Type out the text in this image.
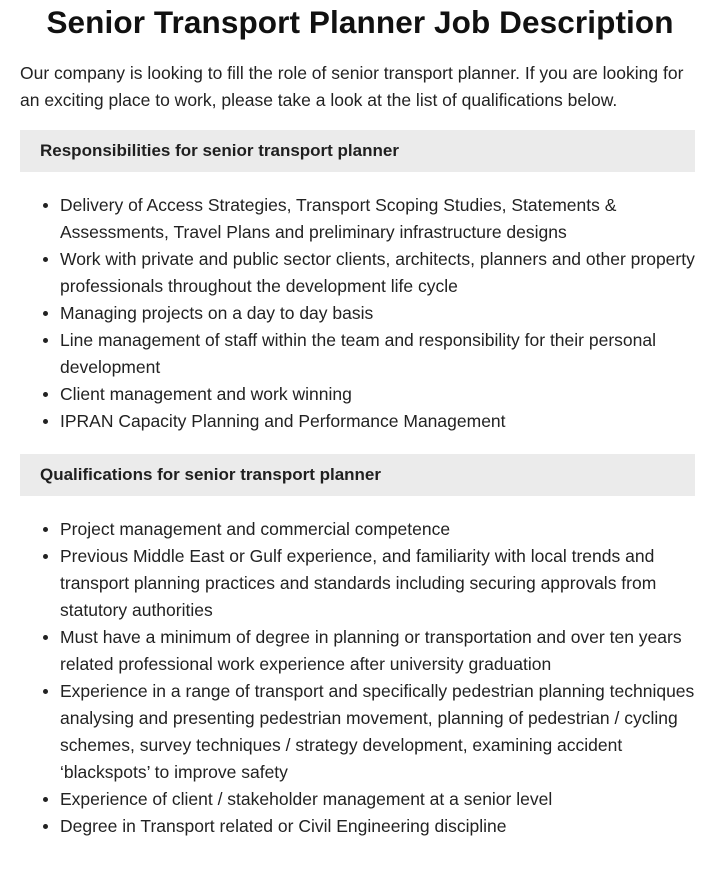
Senior Transport Planner Job Description

Our company is looking to fill the role of senior transport planner. If you are looking for an exciting place to work, please take a look at the list of qualifications below.

Responsibilities for senior transport planner
Delivery of Access Strategies, Transport Scoping Studies, Statements & Assessments, Travel Plans and preliminary infrastructure designs
Work with private and public sector clients, architects, planners and other property professionals throughout the development life cycle
Managing projects on a day to day basis
Line management of staff within the team and responsibility for their personal development
Client management and work winning
IPRAN Capacity Planning and Performance Management
Qualifications for senior transport planner
Project management and commercial competence
Previous Middle East or Gulf experience, and familiarity with local trends and transport planning practices and standards including securing approvals from statutory authorities
Must have a minimum of degree in planning or transportation and over ten years related professional work experience after university graduation
Experience in a range of transport and specifically pedestrian planning techniques analysing and presenting pedestrian movement, planning of pedestrian / cycling schemes, survey techniques / strategy development, examining accident ‘blackspots’ to improve safety
Experience of client / stakeholder management at a senior level
Degree in Transport related or Civil Engineering discipline
